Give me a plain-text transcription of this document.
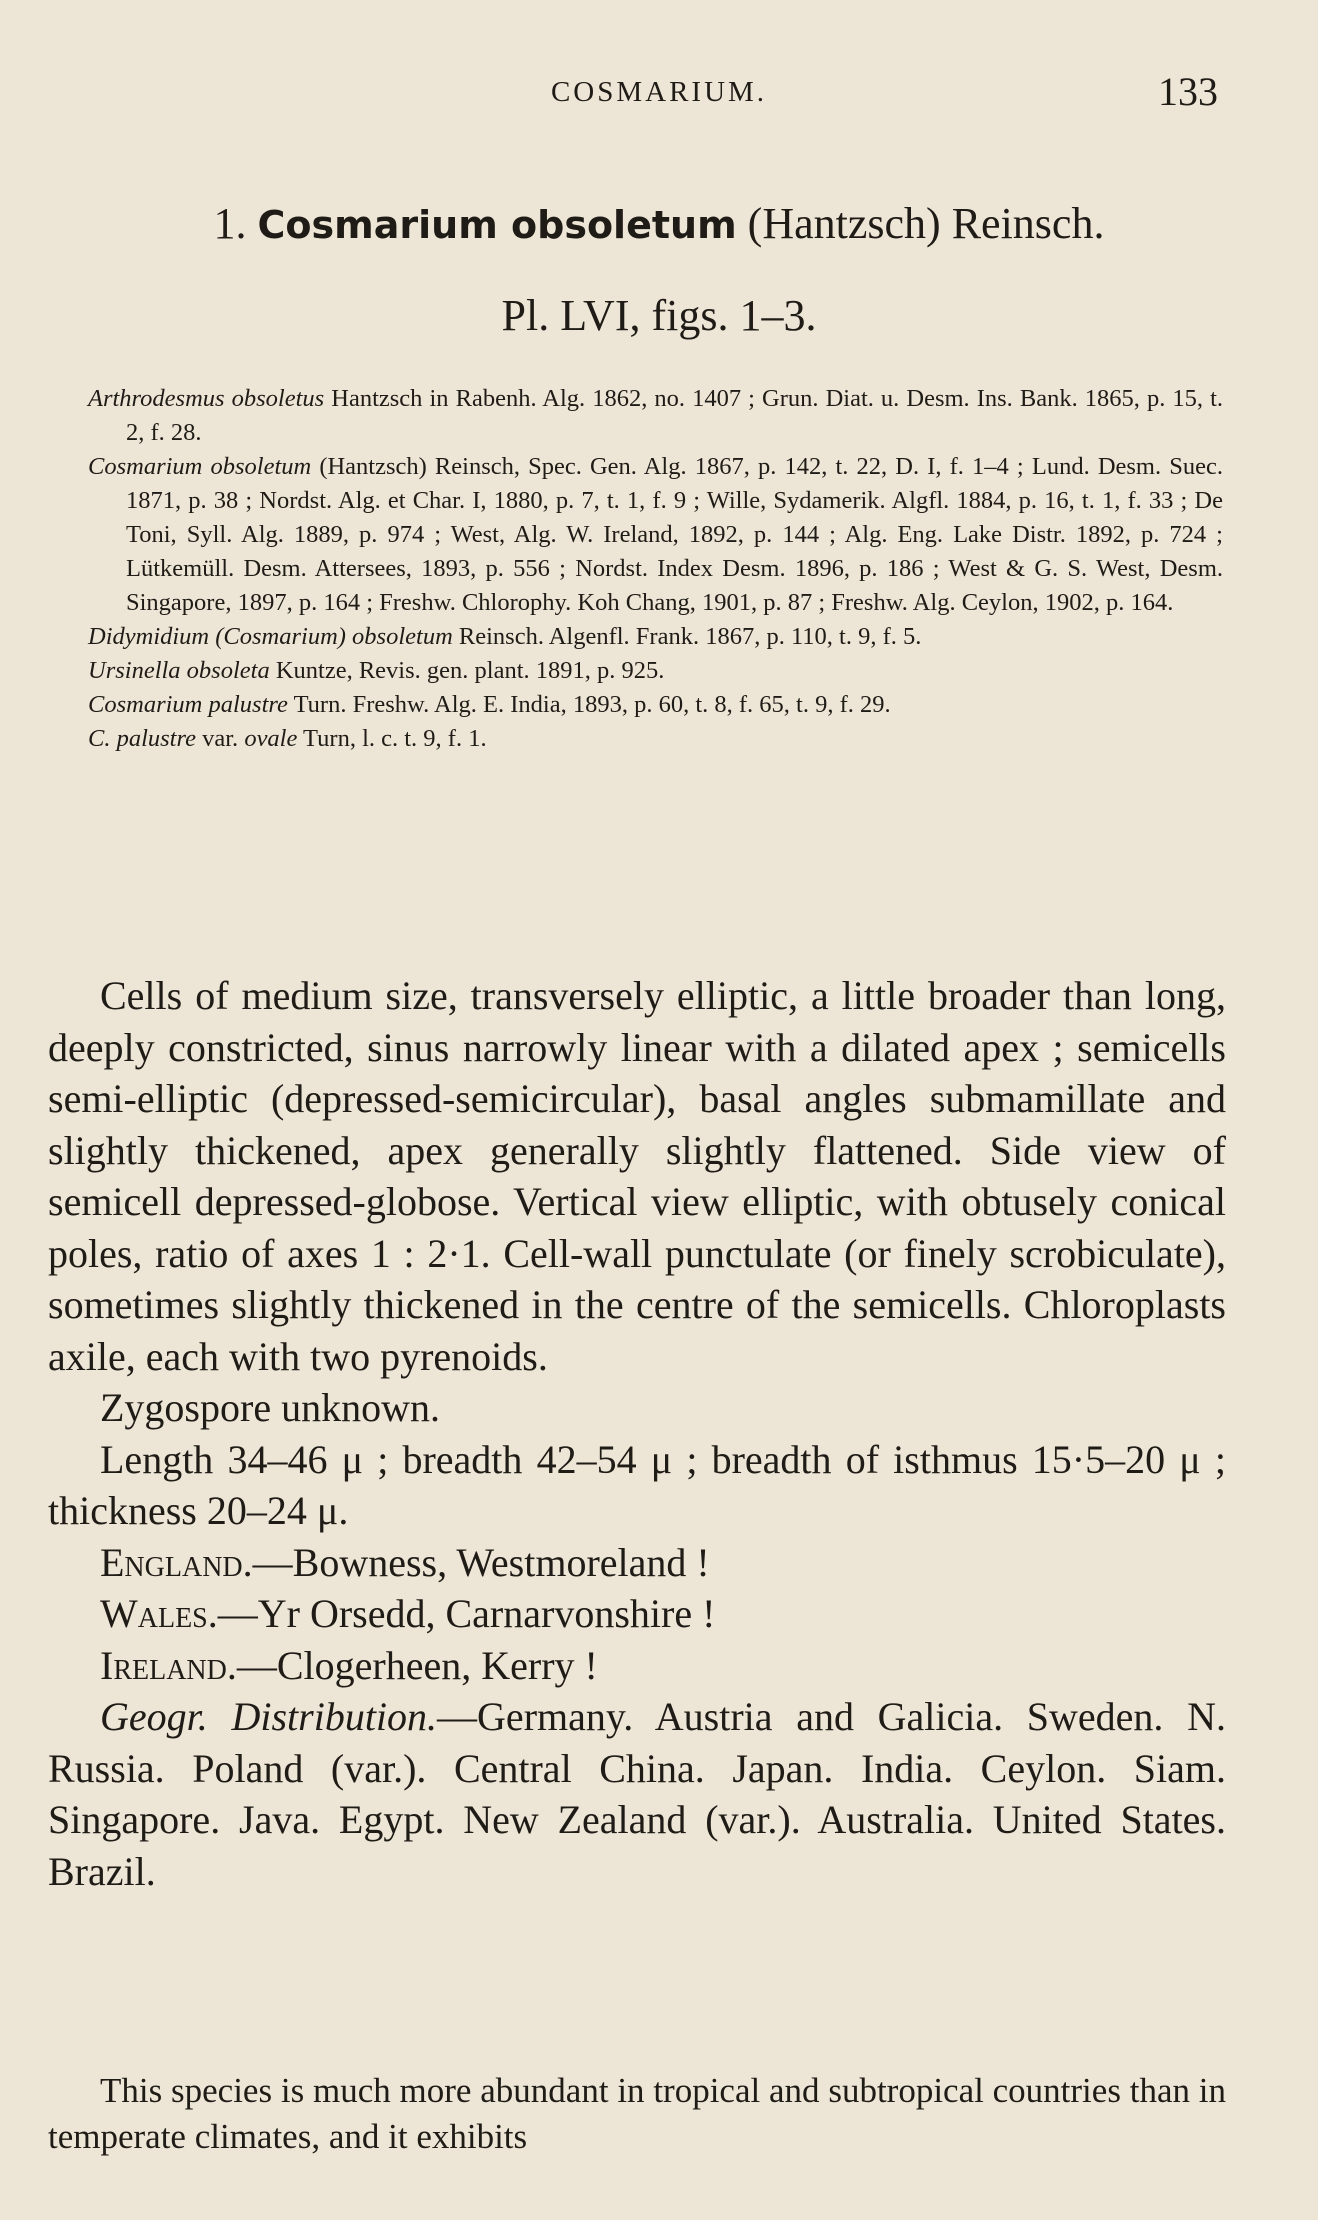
COSMARIUM.	133
1. Cosmarium obsoletum (Hantzsch) Reinsch.
Pl. LVI, figs. 1–3.

Arthrodesmus obsoletus Hantzsch in Rabenh. Alg. 1862, no. 1407 ; Grun. Diat. u. Desm. Ins. Bank. 1865, p. 15, t. 2, f. 28.

Cosmarium obsoletum (Hantzsch) Reinsch, Spec. Gen. Alg. 1867, p. 142, t. 22, D. I, f. 1–4 ; Lund. Desm. Suec. 1871, p. 38 ; Nordst. Alg. et Char. I, 1880, p. 7, t. 1, f. 9 ; Wille, Sydamerik. Algfl. 1884, p. 16, t. 1, f. 33 ; De Toni, Syll. Alg. 1889, p. 974 ; West, Alg. W. Ireland, 1892, p. 144 ; Alg. Eng. Lake Distr. 1892, p. 724 ; Lütkemüll. Desm. Attersees, 1893, p. 556 ; Nordst. Index Desm. 1896, p. 186 ; West & G. S. West, Desm. Singapore, 1897, p. 164 ; Freshw. Chlorophy. Koh Chang, 1901, p. 87 ; Freshw. Alg. Ceylon, 1902, p. 164.

Didymidium (Cosmarium) obsoletum Reinsch. Algenfl. Frank. 1867, p. 110, t. 9, f. 5.

Ursinella obsoleta Kuntze, Revis. gen. plant. 1891, p. 925.

Cosmarium palustre Turn. Freshw. Alg. E. India, 1893, p. 60, t. 8, f. 65, t. 9, f. 29.

C. palustre var. ovale Turn, l. c. t. 9, f. 1.

Cells of medium size, transversely elliptic, a little broader than long, deeply constricted, sinus narrowly linear with a dilated apex ; semicells semi-elliptic (depressed-semicircular), basal angles submamillate and slightly thickened, apex generally slightly flattened. Side view of semicell depressed-globose. Vertical view elliptic, with obtusely conical poles, ratio of axes 1 : 2·1. Cell-wall punctulate (or finely scrobiculate), sometimes slightly thickened in the centre of the semicells. Chloroplasts axile, each with two pyrenoids.

Zygospore unknown.

Length 34–46 μ ; breadth 42–54 μ ; breadth of isthmus 15·5–20 μ ; thickness 20–24 μ.

England.—Bowness, Westmoreland !

Wales.—Yr Orsedd, Carnarvonshire !

Ireland.—Clogerheen, Kerry !

Geogr. Distribution.—Germany. Austria and Galicia. Sweden. N. Russia. Poland (var.). Central China. Japan. India. Ceylon. Siam. Singapore. Java. Egypt. New Zealand (var.). Australia. United States. Brazil.

This species is much more abundant in tropical and subtropical countries than in temperate climates, and it exhibits
